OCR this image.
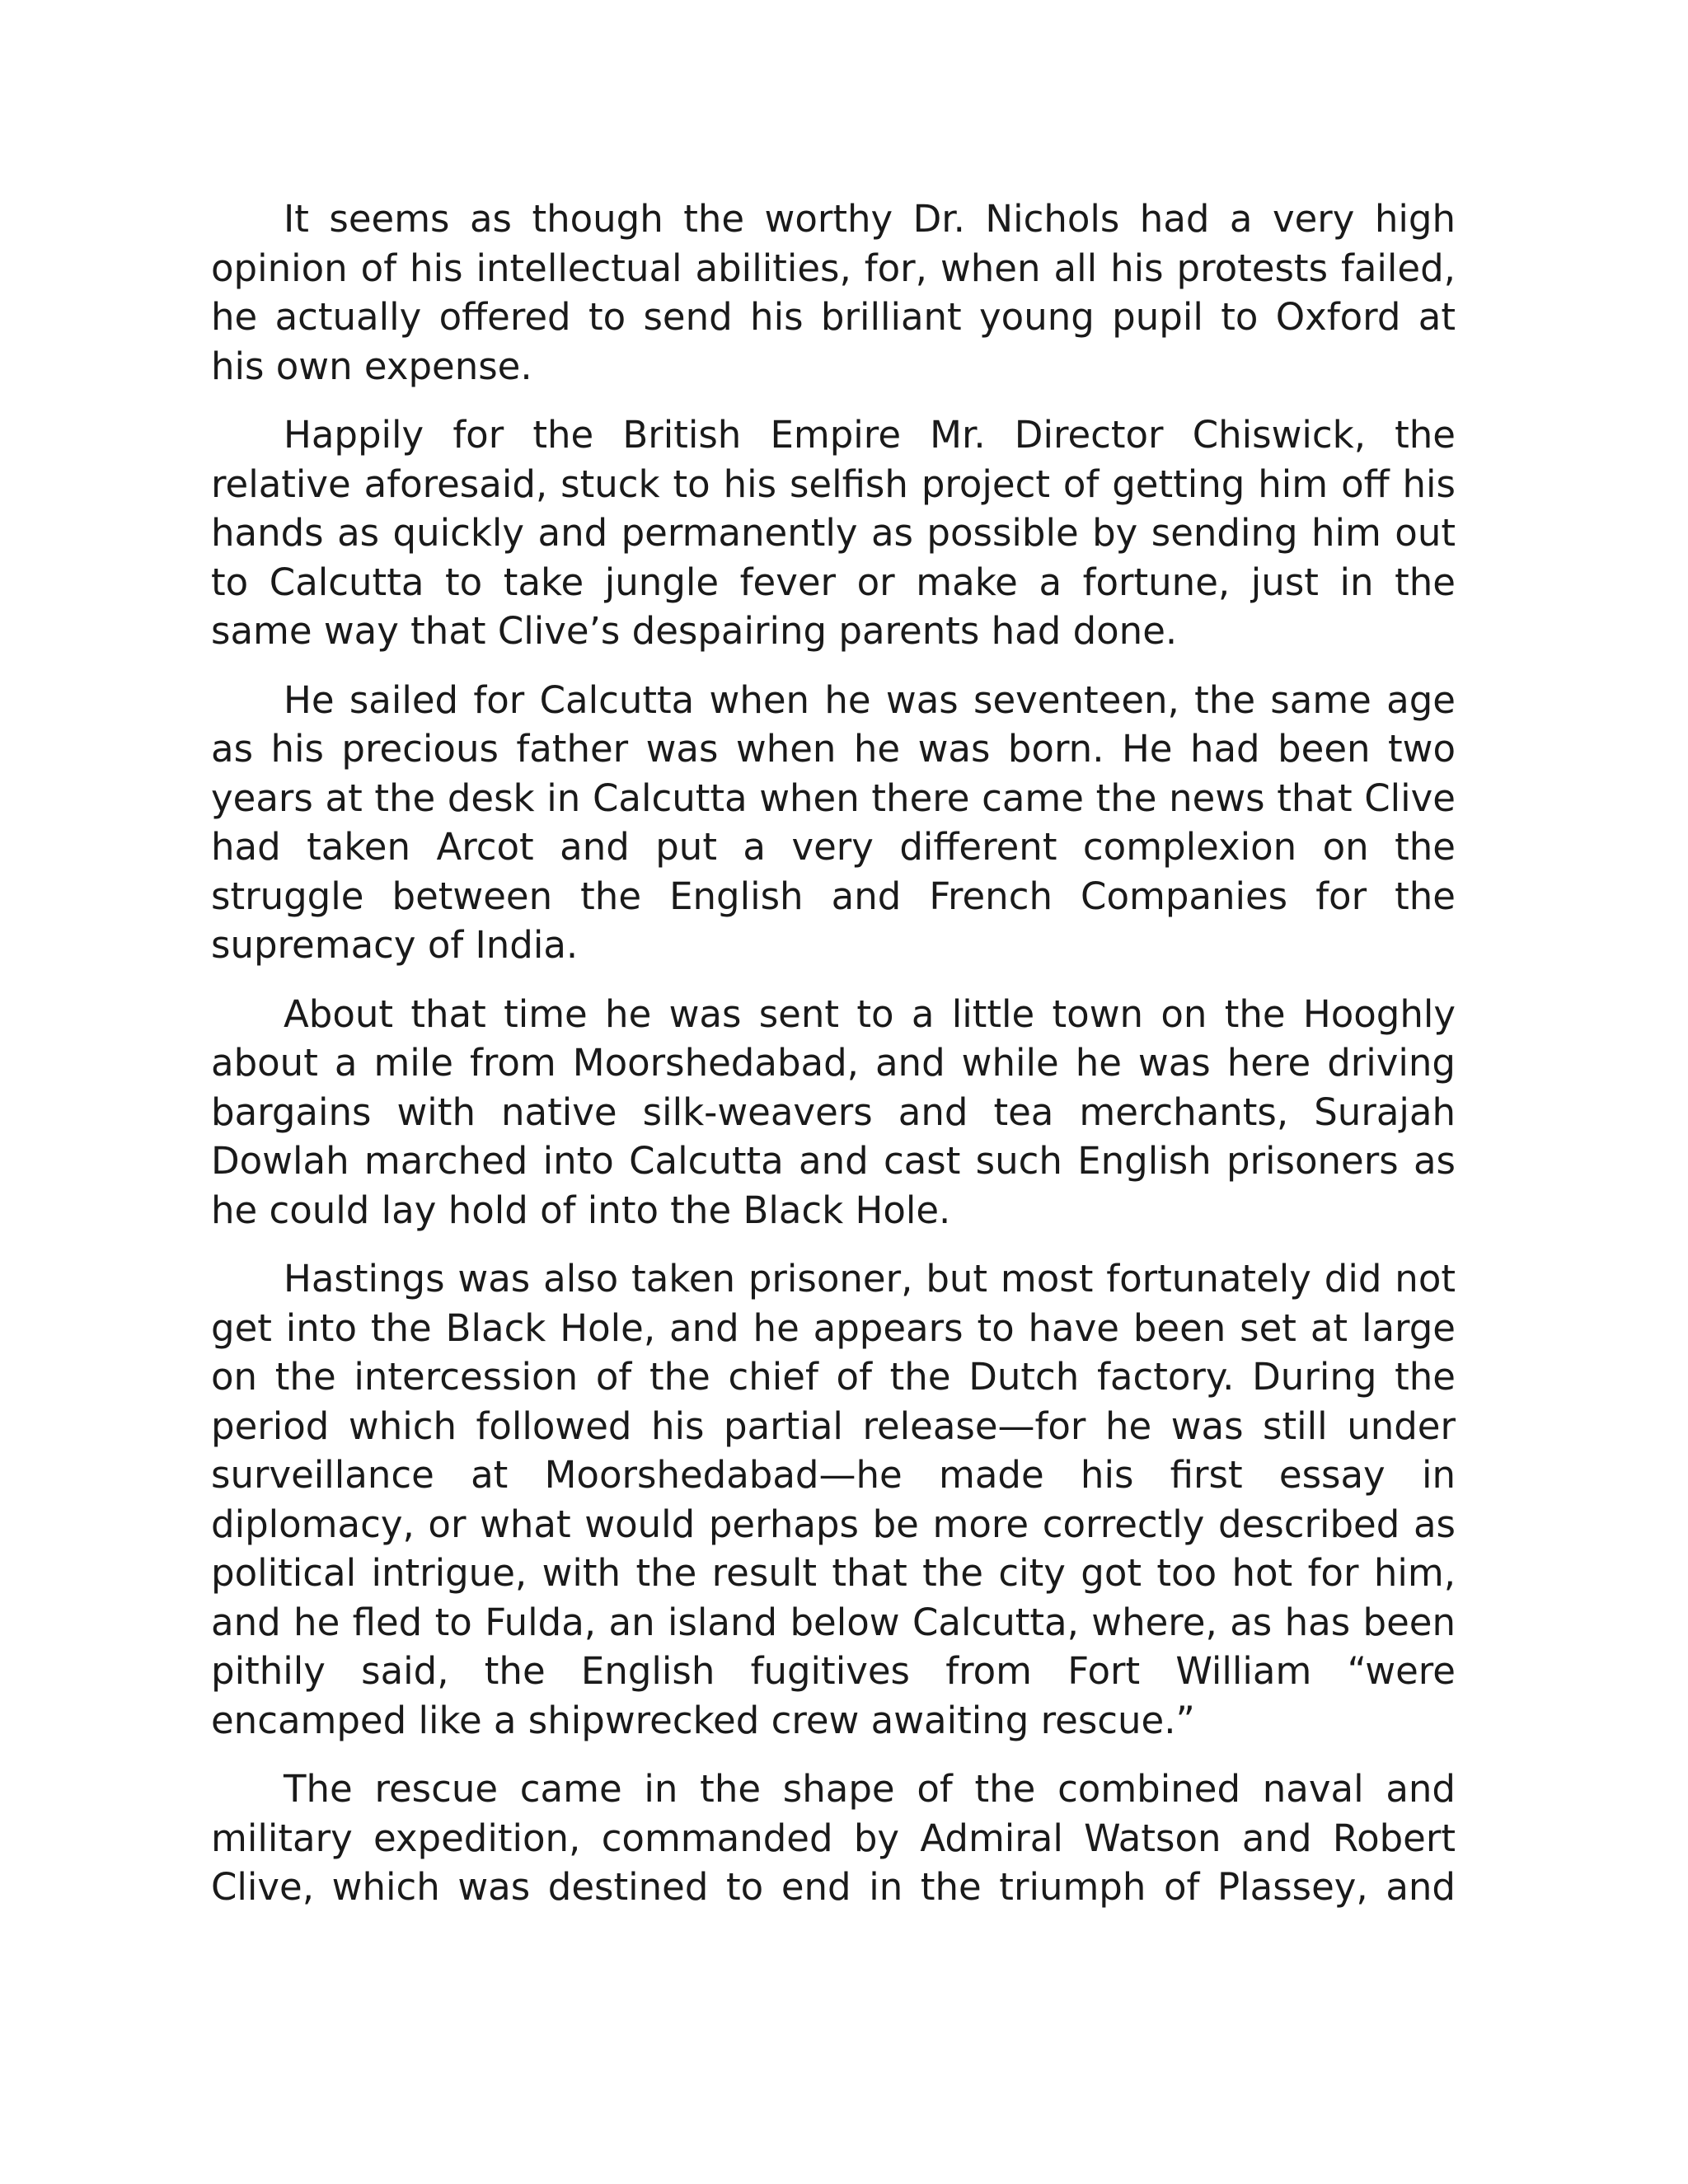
It seems as though the worthy Dr. Nichols had a very high opinion of his intellectual abilities, for, when all his protests failed, he actually offered to send his brilliant young pupil to Oxford at his own expense.

Happily for the British Empire Mr. Director Chiswick, the relative aforesaid, stuck to his selfish project of getting him off his hands as quickly and permanently as possible by sending him out to Calcutta to take jungle fever or make a fortune, just in the same way that Clive’s despairing parents had done.

He sailed for Calcutta when he was seventeen, the same age as his precious father was when he was born. He had been two years at the desk in Calcutta when there came the news that Clive had taken Arcot and put a very different complexion on the struggle between the English and French Companies for the supremacy of India.

About that time he was sent to a little town on the Hooghly about a mile from Moorshedabad, and while he was here driving bargains with native silk-weavers and tea merchants, Surajah Dowlah marched into Calcutta and cast such English prisoners as he could lay hold of into the Black Hole.

Hastings was also taken prisoner, but most fortunately did not get into the Black Hole, and he appears to have been set at large on the intercession of the chief of the Dutch factory. During the period which followed his partial release—for he was still under surveillance at Moorshedabad—he made his first essay in diplomacy, or what would perhaps be more correctly described as political intrigue, with the result that the city got too hot for him, and he fled to Fulda, an island below Calcutta, where, as has been pithily said, the English fugitives from Fort William “were encamped like a shipwrecked crew awaiting rescue.”

The rescue came in the shape of the combined naval and military expedition, commanded by Admiral Watson and Robert Clive, which was destined to end in the triumph of Plassey, and
